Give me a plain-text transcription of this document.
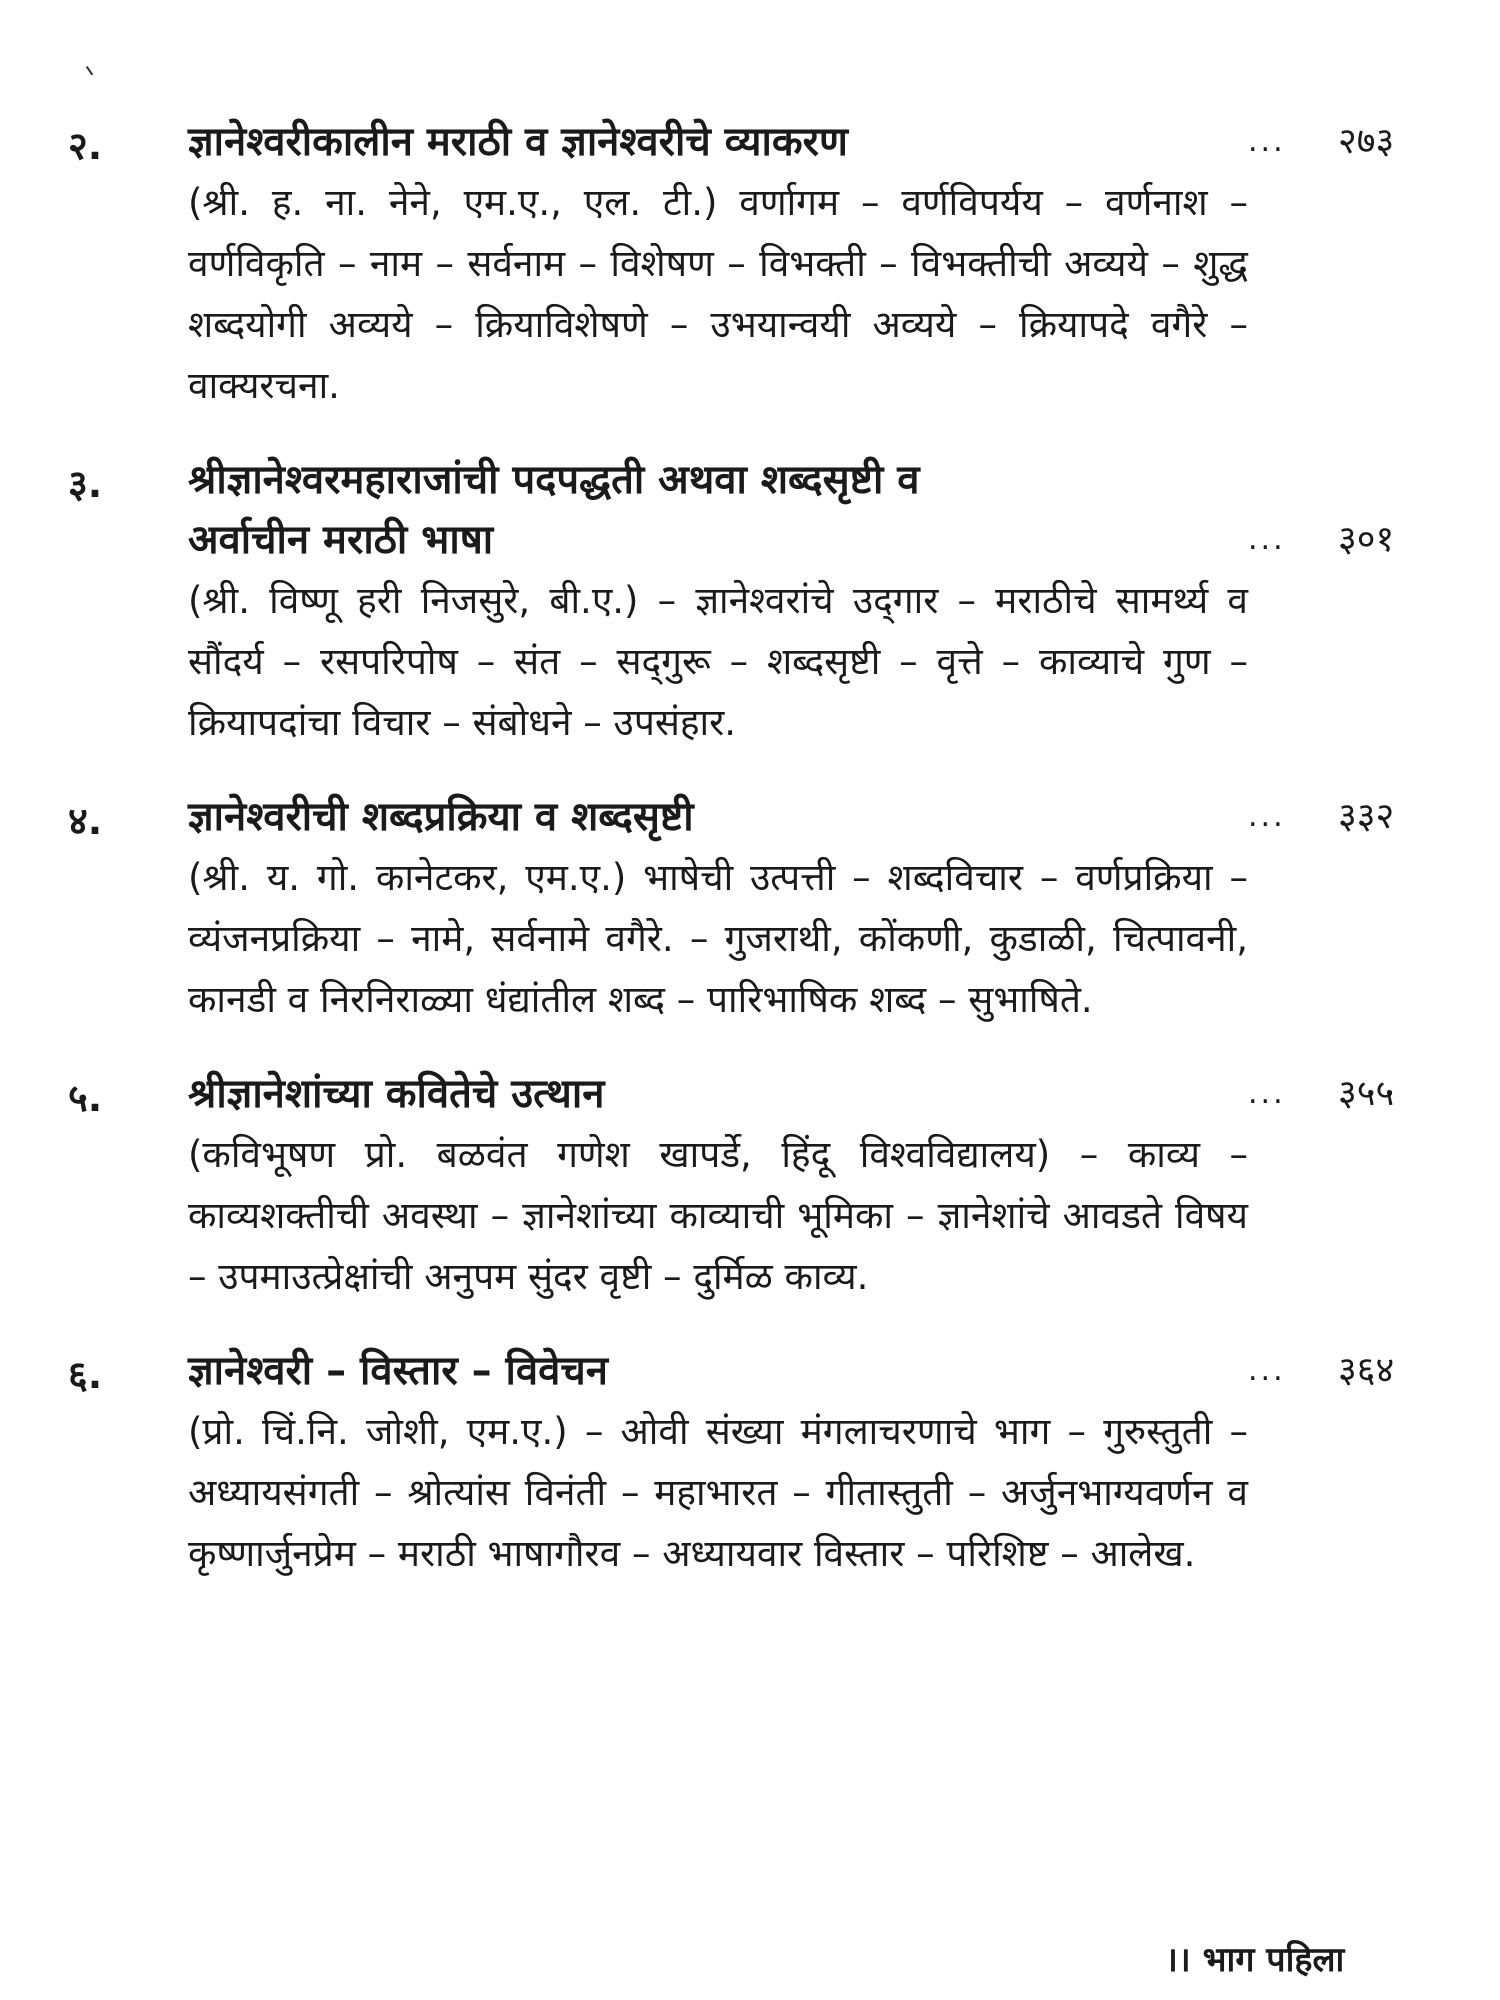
२. ज्ञानेश्वरीकालीन मराठी व ज्ञानेश्वरीचे व्याकरण	... २७३
(श्री. ह. ना. नेने, एम.ए., एल. टी.) वर्णागम – वर्णविपर्यय – वर्णनाश – वर्णविकृति – नाम – सर्वनाम – विशेषण – विभक्ती – विभक्तीची अव्यये – शुद्ध शब्दयोगी अव्यये – क्रियाविशेषणे – उभयान्वयी अव्यये – क्रियापदे वगैरे – वाक्यरचना.
३. श्रीज्ञानेश्वरमहाराजांची पदपद्धती अथवा शब्दसृष्टी व
अर्वाचीन मराठी भाषा	... ३०१
(श्री. विष्णू हरी निजसुरे, बी.ए.) – ज्ञानेश्वरांचे उद्‌गार – मराठीचे सामर्थ्य व सौंदर्य – रसपरिपोष – संत – सद्‌गुरू – शब्दसृष्टी – वृत्ते – काव्याचे गुण – क्रियापदांचा विचार – संबोधने – उपसंहार.
४. ज्ञानेश्वरीची शब्दप्रक्रिया व शब्दसृष्टी	... ३३२
(श्री. य. गो. कानेटकर, एम.ए.) भाषेची उत्पत्ती – शब्दविचार – वर्णप्रक्रिया – व्यंजनप्रक्रिया – नामे, सर्वनामे वगैरे. – गुजराथी, कोंकणी, कुडाळी, चित्पावनी, कानडी व निरनिराळ्या धंद्यांतील शब्द – पारिभाषिक शब्द – सुभाषिते.
५. श्रीज्ञानेशांच्या कवितेचे उत्थान	... ३५५
(कविभूषण प्रो. बळवंत गणेश खापर्डे, हिंदू विश्‍वविद्यालय) – काव्य – काव्यशक्तीची अवस्था – ज्ञानेशांच्या काव्याची भूमिका – ज्ञानेशांचे आवडते विषय – उपमाउत्प्रेक्षांची अनुपम सुंदर वृष्टी – दुर्मिळ काव्य.
६. ज्ञानेश्वरी – विस्तार – विवेचन	... ३६४
(प्रो. चिं.नि. जोशी, एम.ए.) – ओवी संख्या मंगलाचरणाचे भाग – गुरुस्तुती – अध्यायसंगती – श्रोत्यांस विनंती – महाभारत – गीतास्तुती – अर्जुनभाग्यवर्णन व कृष्णार्जुनप्रेम – मराठी भाषागौरव – अध्यायवार विस्तार – परिशिष्ट – आलेख.
।। भाग पहिला
